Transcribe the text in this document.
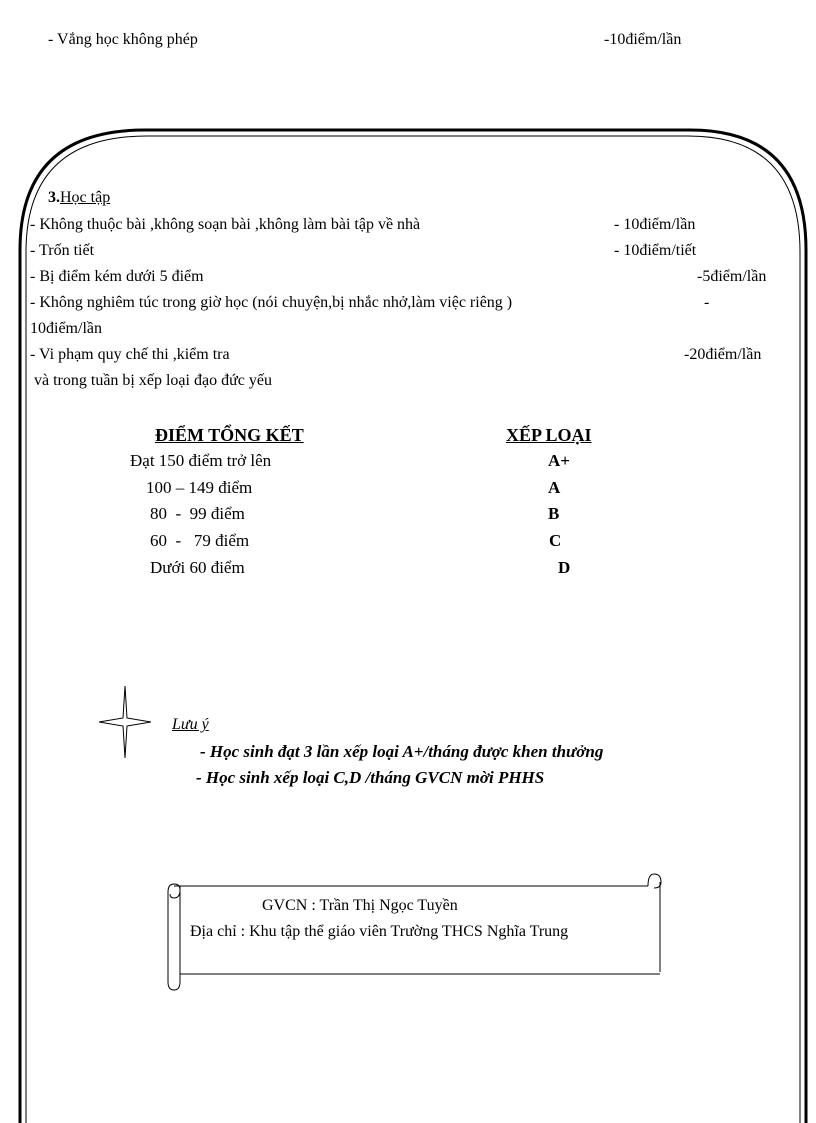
- Vắng học không phép	-10điểm/lần
3.Học tập
- Không thuộc bài ,không soạn bài ,không làm bài tập về nhà	- 10điểm/lần
- Trốn tiết	- 10điểm/tiết
- Bị điểm kém dưới 5 điểm	-5điểm/lần
- Không nghiêm túc trong giờ học (nói chuyện,bị nhắc nhở,làm việc riêng )	-
10điểm/lần
- Vi phạm quy chế thi ,kiểm tra	-20điểm/lần
và trong tuần bị xếp loại đạo đức yếu
ĐIỂM TỔNG KẾT	XẾP LOẠI
Đạt 150 điểm trở lên	A+
100 – 149 điểm	A
80  -  99 điểm	B
60  -   79 điểm	C
Dưới 60 điểm	D
Lưu ý
- Học sinh đạt 3 lần xếp loại A+/tháng được khen thưởng
- Học sinh xếp loại C,D /tháng GVCN mời PHHS
GVCN : Trần Thị Ngọc Tuyền
Địa chỉ : Khu tập thể giáo viên Trường THCS Nghĩa Trung
